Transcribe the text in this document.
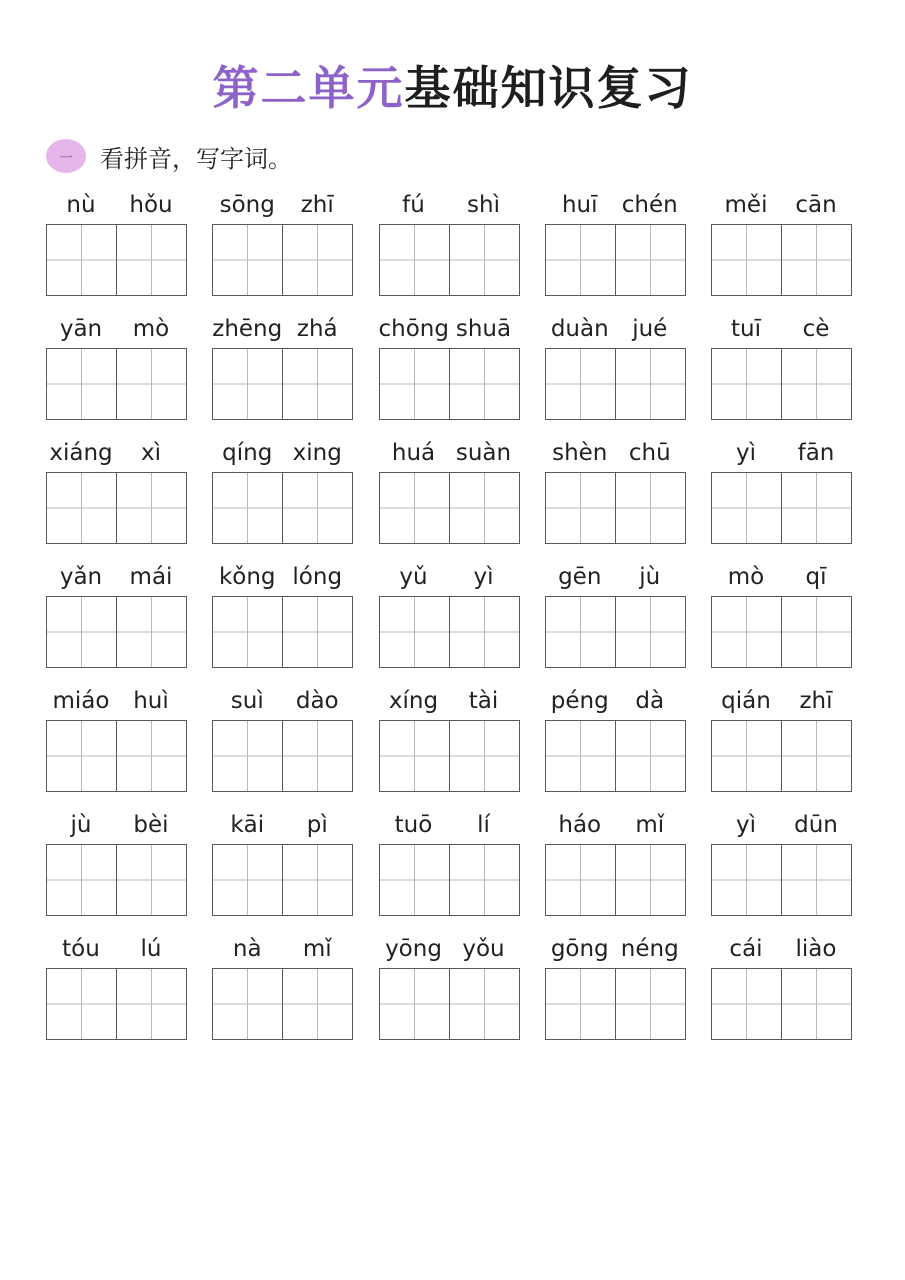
第二单元基础知识复习
一	看拼音，写字词。
nù	hǒu	sōng	zhī	fú	shì	huī	chén	měi	cān
yān	mò	zhēng zhá	chōng shuā	duàn	jué	tuī	cè
xiáng	xì	qíng xing	huá suàn	shèn chū	yì	fān
yǎn	mái	kǒng lóng	yǔ	yì	gēn	jù	mò	qī
miáo	huì	suì	dào	xíng	tài	péng	dà	qián	zhī
jù	bèi	kāi	pì	tuō	lí	háo	mǐ	yì	dūn
tóu	lú	nà	mǐ	yōng yǒu	gōng néng	cái	liào
